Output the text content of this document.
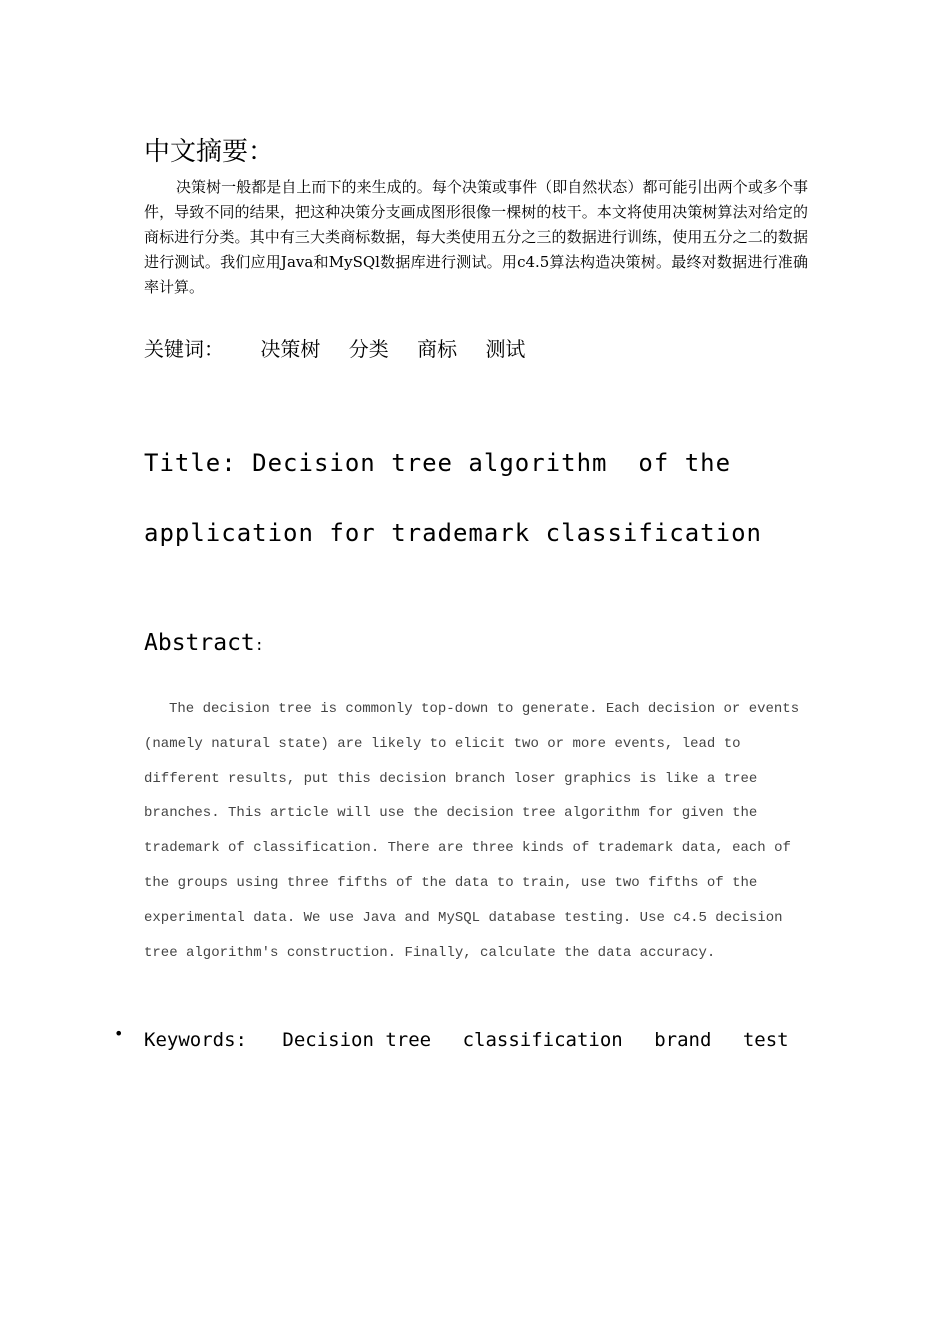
中文摘要：
决策树一般都是自上而下的来生成的。每个决策或事件（即自然状态）都可能引出两个或多个事件，导致不同的结果，把这种决策分支画成图形很像一棵树的枝干。本文将使用决策树算法对给定的商标进行分类。其中有三大类商标数据，每大类使用五分之三的数据进行训练，使用五分之二的数据进行测试。我们应用Java和MySQl数据库进行测试。用c4.5算法构造决策树。最终对数据进行准确率计算。
关键词： 决策树 分类 商标 测试
Title: Decision tree algorithm  of the
application for trademark classification
Abstract:
The decision tree is commonly top-down to generate. Each decision or events (namely natural state) are likely to elicit two or more events, lead to different results, put this decision branch loser graphics is like a tree branches. This article will use the decision tree algorithm for given the trademark of classification. There are three kinds of trademark data, each of the groups using three fifths of the data to train, use two fifths of the experimental data. We use Java and MySQL database testing. Use c4.5 decision tree algorithm's construction. Finally, calculate the data accuracy.
• Keywords: Decision tree classification brand test
